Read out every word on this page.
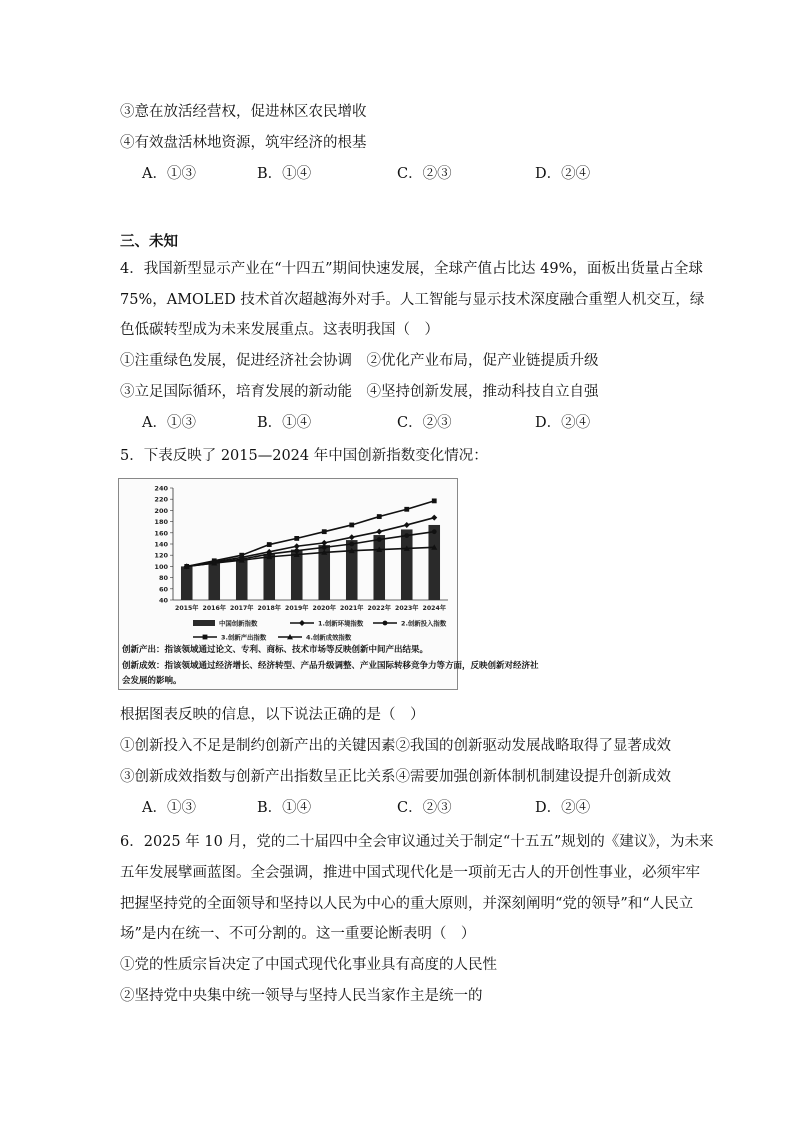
③意在放活经营权，促进林区农民增收
④有效盘活林地资源，筑牢经济的根基
A．①③	B．①④	C．②③	D．②④
三、未知
4．我国新型显示产业在“十四五”期间快速发展，全球产值占比达 49%，面板出货量占全球
75%，AMOLED 技术首次超越海外对手。人工智能与显示技术深度融合重塑人机交互，绿
色低碳转型成为未来发展重点。这表明我国（　）
①注重绿色发展，促进经济社会协调　②优化产业布局，促产业链提质升级
③立足国际循环，培育发展的新动能　④坚持创新发展，推动科技自立自强
A．①③	B．①④	C．②③	D．②④
5．下表反映了 2015—2024 年中国创新指数变化情况：
40
60
80
100
120
140
160
180
200
220
240
2015年 2016年 2017年 2018年 2019年 2020年 2021年 2022年 2023年 2024年
中国创新指数	1.创新环境指数	2.创新投入指数
3.创新产出指数	4.创新成效指数
创新产出：指该领域通过论文、专利、商标、技术市场等反映创新中间产出结果。
创新成效：指该领域通过经济增长、经济转型、产品升级调整、产业国际转移竞争力等方面，反映创新对经济社
会发展的影响。
根据图表反映的信息，以下说法正确的是（　）
①创新投入不足是制约创新产出的关键因素②我国的创新驱动发展战略取得了显著成效
③创新成效指数与创新产出指数呈正比关系④需要加强创新体制机制建设提升创新成效
A．①③	B．①④	C．②③	D．②④
6．2025 年 10 月，党的二十届四中全会审议通过关于制定“十五五”规划的《建议》，为未来
五年发展擘画蓝图。全会强调，推进中国式现代化是一项前无古人的开创性事业，必须牢牢
把握坚持党的全面领导和坚持以人民为中心的重大原则，并深刻阐明“党的领导”和“人民立
场”是内在统一、不可分割的。这一重要论断表明（　）
①党的性质宗旨决定了中国式现代化事业具有高度的人民性
②坚持党中央集中统一领导与坚持人民当家作主是统一的
